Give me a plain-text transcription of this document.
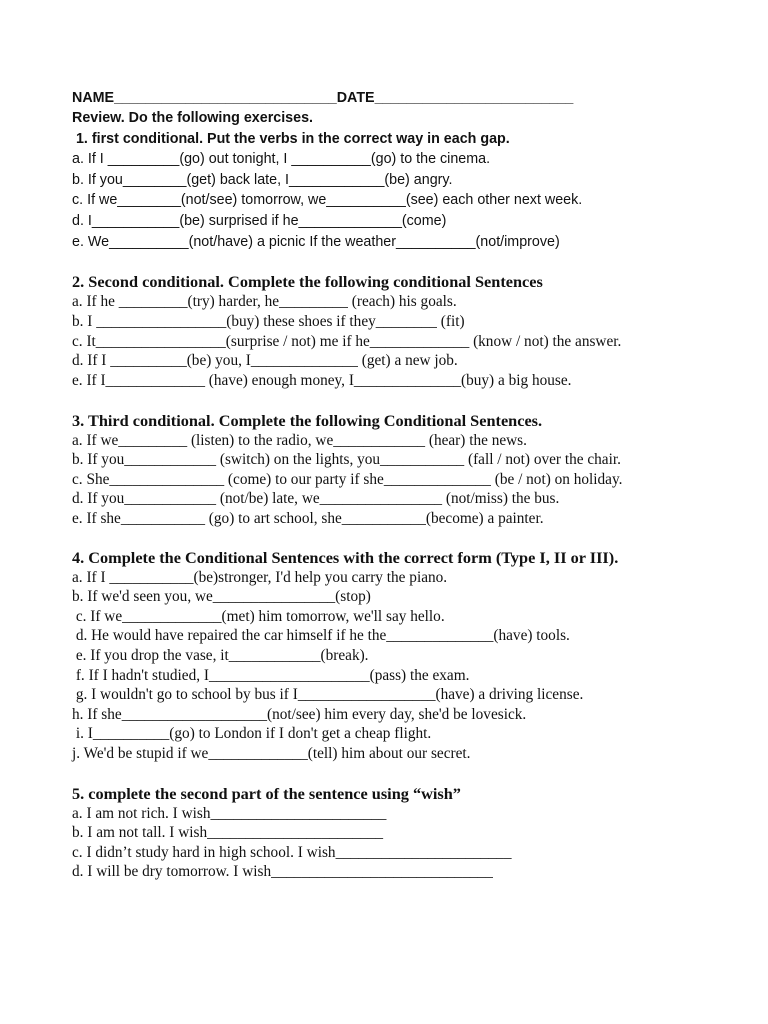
NAME____________________________DATE_________________________
Review. Do the following exercises.
1. first conditional. Put the verbs in the correct way in each gap.
a. If I _________(go) out tonight, I __________(go) to the cinema.
b. If you________(get) back late, I____________(be) angry.
c. If we________(not/see) tomorrow, we__________(see) each other next week.
d. I___________(be) surprised if he_____________(come)
e. We__________(not/have) a picnic If the weather__________(not/improve)
2. Second conditional. Complete the following conditional Sentences
a. If he _________(try) harder, he_________ (reach) his goals.
b. I _________________(buy) these shoes if they________ (fit)
c. It_________________(surprise / not) me if he_____________ (know / not) the answer.
d. If I __________(be) you, I______________ (get) a new job.
e. If I_____________ (have) enough money, I______________(buy) a big house.
3. Third conditional. Complete the following Conditional Sentences.
a. If we_________ (listen) to the radio, we____________ (hear) the news.
b. If you____________ (switch) on the lights, you___________ (fall / not) over the chair.
c. She_______________ (come) to our party if she______________ (be / not) on holiday.
d. If you____________ (not/be) late, we________________ (not/miss) the bus.
e. If she___________ (go) to art school, she___________(become) a painter.
4. Complete the Conditional Sentences with the correct form (Type I, II or III).
a. If I ___________(be)stronger, I'd help you carry the piano.
b. If we'd seen you, we________________(stop)
c. If we_____________(met) him tomorrow, we'll say hello.
d. He would have repaired the car himself if he the______________(have) tools.
e. If you drop the vase, it____________(break).
f. If I hadn't studied, I_____________________(pass) the exam.
g. I wouldn't go to school by bus if I__________________(have) a driving license.
h. If she___________________(not/see) him every day, she'd be lovesick.
i. I__________(go) to London if I don't get a cheap flight.
j. We'd be stupid if we_____________(tell) him about our secret.
5. complete the second part of the sentence using “wish”
a. I am not rich. I wish_______________________
b. I am not tall. I wish_______________________
c. I didn’t study hard in high school. I wish_______________________
d. I will be dry tomorrow. I wish_____________________________
